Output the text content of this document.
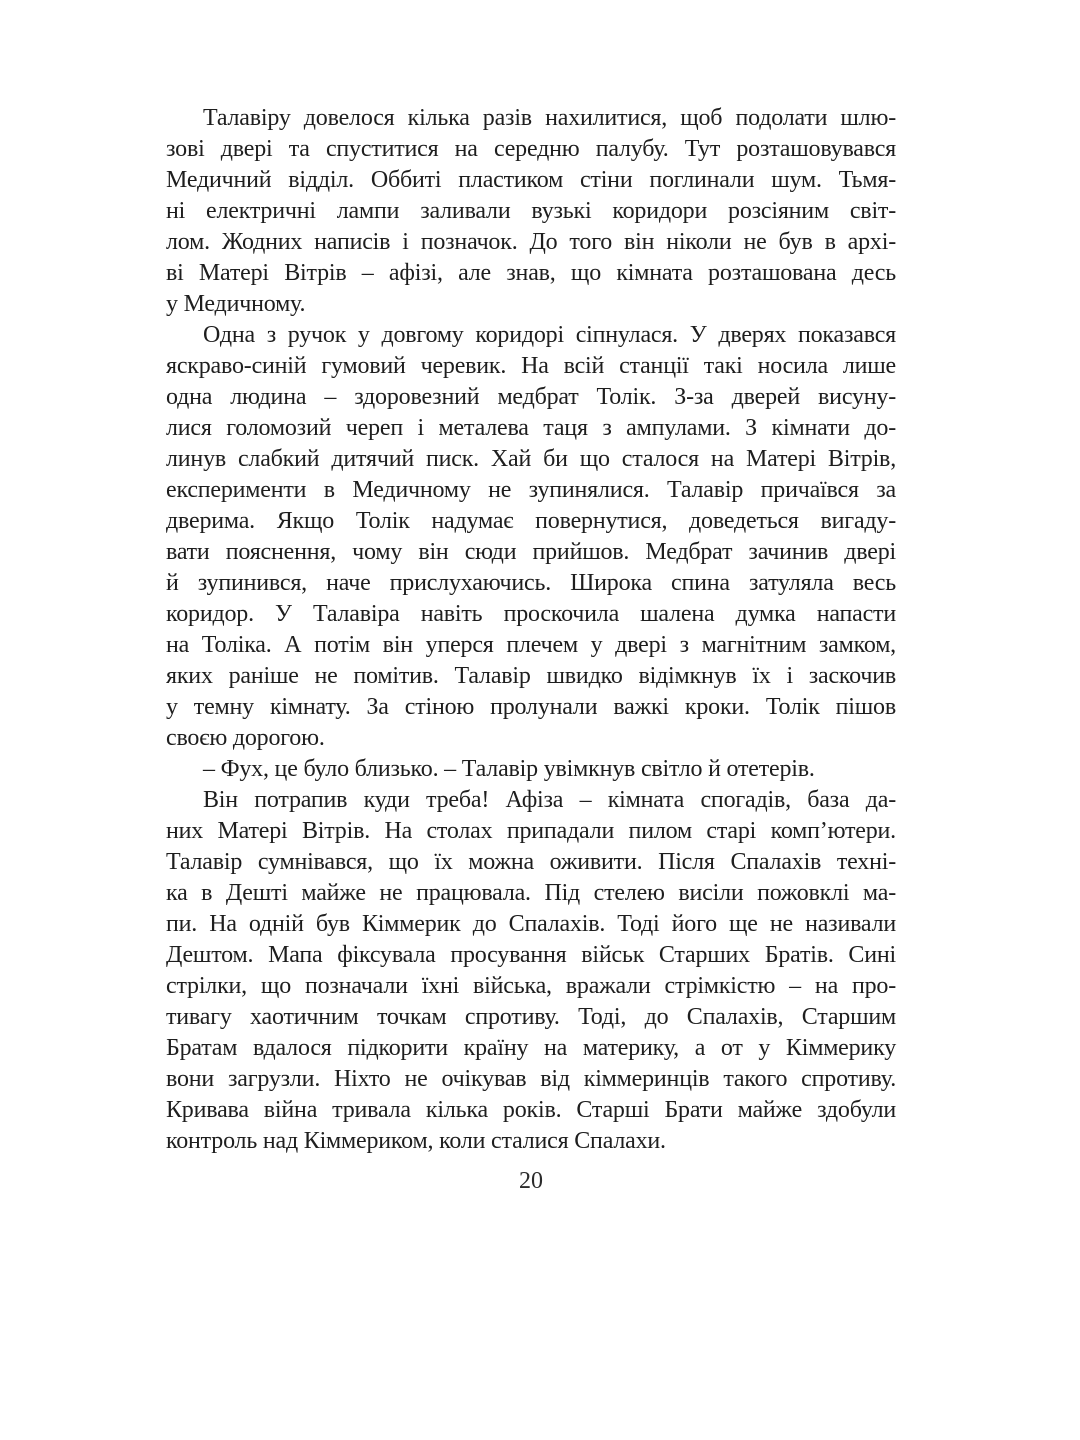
Талавіру довелося кілька разів нахилитися, щоб подолати шлю-
зові двері та спуститися на середню палубу. Тут розташовувався
Медичний відділ. Оббиті пластиком стіни поглинали шум. Тьмя-
ні електричні лампи заливали вузькі коридори розсіяним світ-
лом. Жодних написів і позначок. До того він ніколи не був в архі-
ві Матері Вітрів – афізі, але знав, що кімната розташована десь
у Медичному.
Одна з ручок у довгому коридорі сіпнулася. У дверях показався
яскраво-синій гумовий черевик. На всій станції такі носила лише
одна людина – здоровезний медбрат Толік. З-за дверей висуну-
лися голомозий череп і металева таця з ампулами. З кімнати до-
линув слабкий дитячий писк. Хай би що сталося на Матері Вітрів,
експерименти в Медичному не зупинялися. Талавір причаївся за
дверима. Якщо Толік надумає повернутися, доведеться вигаду-
вати пояснення, чому він сюди прийшов. Медбрат зачинив двері
й зупинився, наче прислухаючись. Широка спина затуляла весь
коридор. У Талавіра навіть проскочила шалена думка напасти
на Толіка. А потім він уперся плечем у двері з магнітним замком,
яких раніше не помітив. Талавір швидко відімкнув їх і заскочив
у темну кімнату. За стіною пролунали важкі кроки. Толік пішов
своєю дорогою.
– Фух, це було близько. – Талавір увімкнув світло й отетерів.
Він потрапив куди треба! Афіза – кімната спогадів, база да-
них Матері Вітрів. На столах припадали пилом старі комп’ютери.
Талавір сумнівався, що їх можна оживити. Після Спалахів техні-
ка в Дешті майже не працювала. Під стелею висіли пожовклі ма-
пи. На одній був Кіммерик до Спалахів. Тоді його ще не називали
Дештом. Мапа фіксувала просування військ Старших Братів. Сині
стрілки, що позначали їхні війська, вражали стрімкістю – на про-
тивагу хаотичним точкам спротиву. Тоді, до Спалахів, Старшим
Братам вдалося підкорити країну на материку, а от у Кіммерику
вони загрузли. Ніхто не очікував від кіммеринців такого спротиву.
Кривава війна тривала кілька років. Старші Брати майже здобули
контроль над Кіммериком, коли сталися Спалахи.
20
